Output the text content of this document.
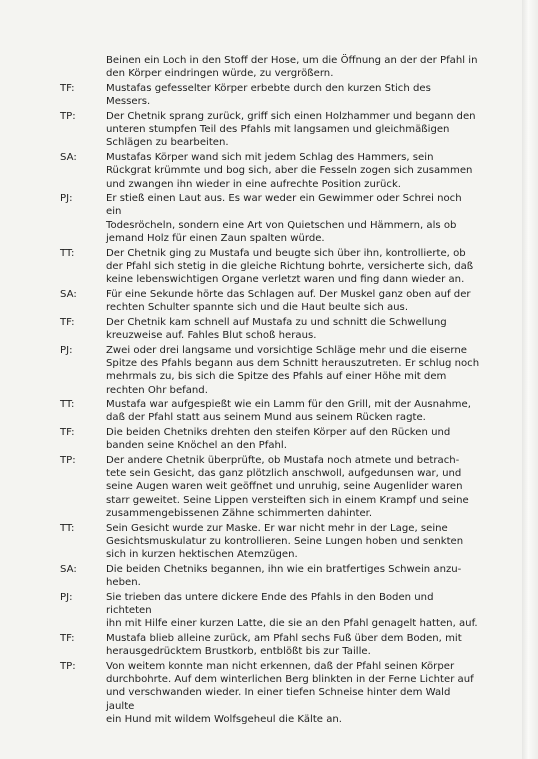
Beinen ein Loch in den Stoff der Hose, um die Öffnung an der der Pfahl in
den Körper eindringen würde, zu vergrößern.
TF:	Mustafas gefesselter Körper erbebte durch den kurzen Stich des
Messers.
TP:	Der Chetnik sprang zurück, griff sich einen Holzhammer und begann den
unteren stumpfen Teil des Pfahls mit langsamen und gleichmäßigen
Schlägen zu bearbeiten.
SA:	Mustafas Körper wand sich mit jedem Schlag des Hammers, sein
Rückgrat krümmte und bog sich, aber die Fesseln zogen sich zusammen
und zwangen ihn wieder in eine aufrechte Position zurück.
PJ:	Er stieß einen Laut aus. Es war weder ein Gewimmer oder Schrei noch ein
Todesröcheln, sondern eine Art von Quietschen und Hämmern, als ob
jemand Holz für einen Zaun spalten würde.
TT:	Der Chetnik ging zu Mustafa und beugte sich über ihn, kontrollierte, ob
der Pfahl sich stetig in die gleiche Richtung bohrte, versicherte sich, daß
keine lebenswichtigen Organe verletzt waren und fing dann wieder an.
SA:	Für eine Sekunde hörte das Schlagen auf. Der Muskel ganz oben auf der
rechten Schulter spannte sich und die Haut beulte sich aus.
TF:	Der Chetnik kam schnell auf Mustafa zu und schnitt die Schwellung
kreuzweise auf. Fahles Blut schoß heraus.
PJ:	Zwei oder drei langsame und vorsichtige Schläge mehr und die eiserne
Spitze des Pfahls begann aus dem Schnitt herauszutreten. Er schlug noch
mehrmals zu, bis sich die Spitze des Pfahls auf einer Höhe mit dem
rechten Ohr befand.
TT:	Mustafa war aufgespießt wie ein Lamm für den Grill, mit der Ausnahme,
daß der Pfahl statt aus seinem Mund aus seinem Rücken ragte.
TF:	Die beiden Chetniks drehten den steifen Körper auf den Rücken und
banden seine Knöchel an den Pfahl.
TP:	Der andere Chetnik überprüfte, ob Mustafa noch atmete und betrach-
tete sein Gesicht, das ganz plötzlich anschwoll, aufgedunsen war, und
seine Augen waren weit geöffnet und unruhig, seine Augenlider waren
starr geweitet. Seine Lippen versteiften sich in einem Krampf und seine
zusammengebissenen Zähne schimmerten dahinter.
TT:	Sein Gesicht wurde zur Maske. Er war nicht mehr in der Lage, seine
Gesichtsmuskulatur zu kontrollieren. Seine Lungen hoben und senkten
sich in kurzen hektischen Atemzügen.
SA:	Die beiden Chetniks begannen, ihn wie ein bratfertiges Schwein anzu-
heben.
PJ:	Sie trieben das untere dickere Ende des Pfahls in den Boden und richteten
ihn mit Hilfe einer kurzen Latte, die sie an den Pfahl genagelt hatten, auf.
TF:	Mustafa blieb alleine zurück, am Pfahl sechs Fuß über dem Boden, mit
herausgedrücktem Brustkorb, entblößt bis zur Taille.
TP:	Von weitem konnte man nicht erkennen, daß der Pfahl seinen Körper
durchbohrte. Auf dem winterlichen Berg blinkten in der Ferne Lichter auf
und verschwanden wieder. In einer tiefen Schneise hinter dem Wald jaulte
ein Hund mit wildem Wolfsgeheul die Kälte an.
